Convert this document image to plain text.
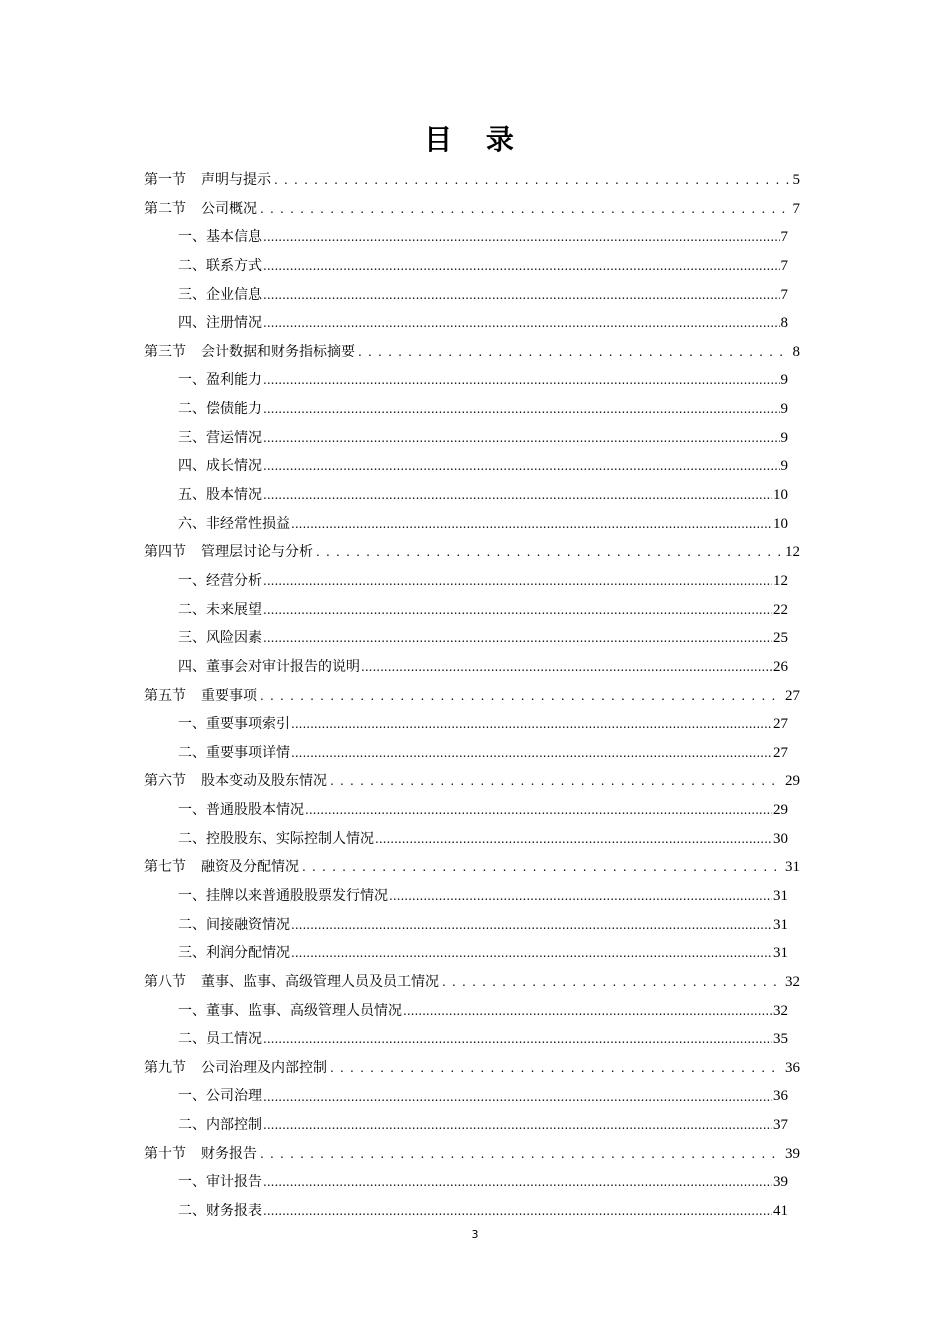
目 录
第一节 声明与提示 . . .	5
第二节 公司概况 . . .	7
一、基本信息 .....	7
二、联系方式 .....	7
三、企业信息 .....	7
四、注册情况 .....	8
第三节 会计数据和财务指标摘要 . . .	8
一、盈利能力 .....	9
二、偿债能力 .....	9
三、营运情况 .....	9
四、成长情况 .....	9
五、股本情况 .....	10
六、非经常性损益 .....	10
第四节 管理层讨论与分析 . . .	12
一、经营分析 .....	12
二、未来展望 .....	22
三、风险因素 .....	25
四、董事会对审计报告的说明 .....	26
第五节 重要事项 . . .	27
一、重要事项索引 .....	27
二、重要事项详情 .....	27
第六节 股本变动及股东情况 . . .	29
一、普通股股本情况 .....	29
二、控股股东、实际控制人情况 .....	30
第七节 融资及分配情况 . . .	31
一、挂牌以来普通股股票发行情况 .....	31
二、间接融资情况 .....	31
三、利润分配情况 .....	31
第八节 董事、监事、高级管理人员及员工情况 . . .	32
一、董事、监事、高级管理人员情况 .....	32
二、员工情况 .....	35
第九节 公司治理及内部控制 . . .	36
一、公司治理 .....	36
二、内部控制 .....	37
第十节 财务报告 . . .	39
一、审计报告 .....	39
二、财务报表 .....	41
3
